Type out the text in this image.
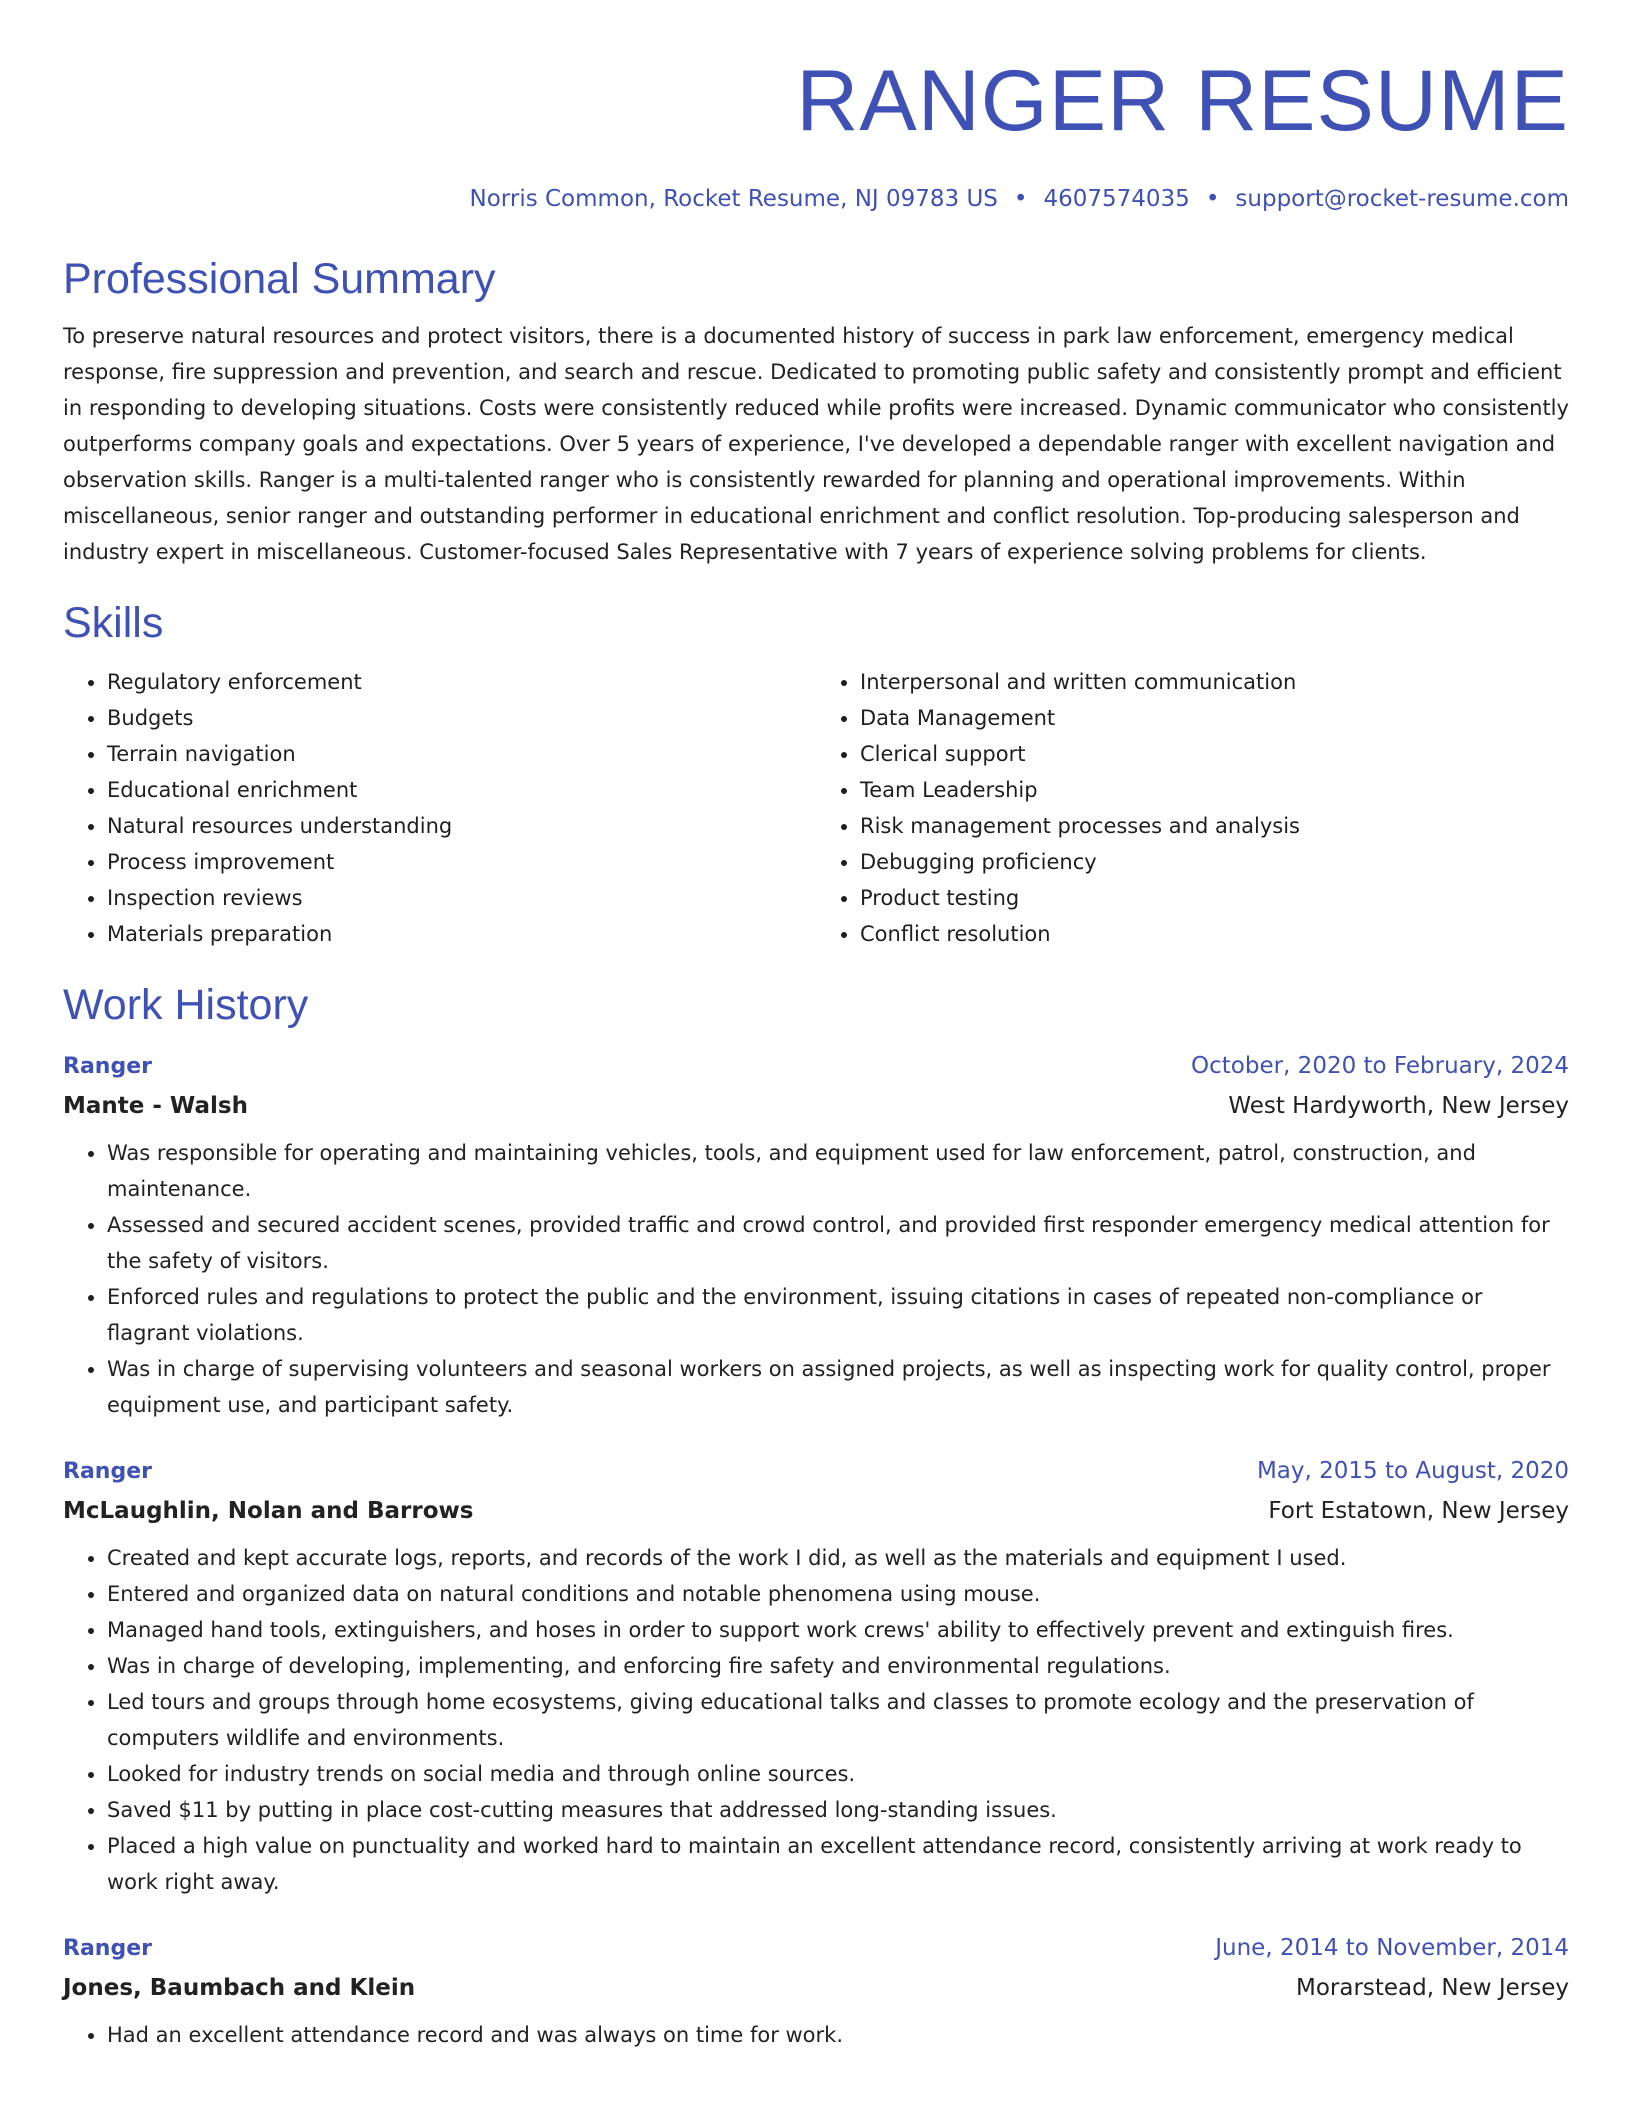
RANGER RESUME
Norris Common, Rocket Resume, NJ 09783 US • 4607574035 • support@rocket-resume.com
Professional Summary

To preserve natural resources and protect visitors, there is a documented history of success in park law enforcement, emergency medical response, fire suppression and prevention, and search and rescue. Dedicated to promoting public safety and consistently prompt and efficient in responding to developing situations. Costs were consistently reduced while profits were increased. Dynamic communicator who consistently outperforms company goals and expectations. Over 5 years of experience, I've developed a dependable ranger with excellent navigation and observation skills. Ranger is a multi-talented ranger who is consistently rewarded for planning and operational improvements. Within miscellaneous, senior ranger and outstanding performer in educational enrichment and conflict resolution. Top-producing salesperson and industry expert in miscellaneous. Customer-focused Sales Representative with 7 years of experience solving problems for clients.

Skills
• Regulatory enforcement
• Budgets
• Terrain navigation
• Educational enrichment
• Natural resources understanding
• Process improvement
• Inspection reviews
• Materials preparation
• Interpersonal and written communication
• Data Management
• Clerical support
• Team Leadership
• Risk management processes and analysis
• Debugging proficiency
• Product testing
• Conflict resolution
Work History
Ranger	October, 2020 to February, 2024
Mante - Walsh	West Hardyworth, New Jersey
• Was responsible for operating and maintaining vehicles, tools, and equipment used for law enforcement, patrol, construction, and maintenance.
• Assessed and secured accident scenes, provided traffic and crowd control, and provided first responder emergency medical attention for the safety of visitors.
• Enforced rules and regulations to protect the public and the environment, issuing citations in cases of repeated non-compliance or flagrant violations.
• Was in charge of supervising volunteers and seasonal workers on assigned projects, as well as inspecting work for quality control, proper equipment use, and participant safety.
Ranger	May, 2015 to August, 2020
McLaughlin, Nolan and Barrows	Fort Estatown, New Jersey
• Created and kept accurate logs, reports, and records of the work I did, as well as the materials and equipment I used.
• Entered and organized data on natural conditions and notable phenomena using mouse.
• Managed hand tools, extinguishers, and hoses in order to support work crews' ability to effectively prevent and extinguish fires.
• Was in charge of developing, implementing, and enforcing fire safety and environmental regulations.
• Led tours and groups through home ecosystems, giving educational talks and classes to promote ecology and the preservation of computers wildlife and environments.
• Looked for industry trends on social media and through online sources.
• Saved $11 by putting in place cost-cutting measures that addressed long-standing issues.
• Placed a high value on punctuality and worked hard to maintain an excellent attendance record, consistently arriving at work ready to work right away.
Ranger	June, 2014 to November, 2014
Jones, Baumbach and Klein	Morarstead, New Jersey
• Had an excellent attendance record and was always on time for work.
